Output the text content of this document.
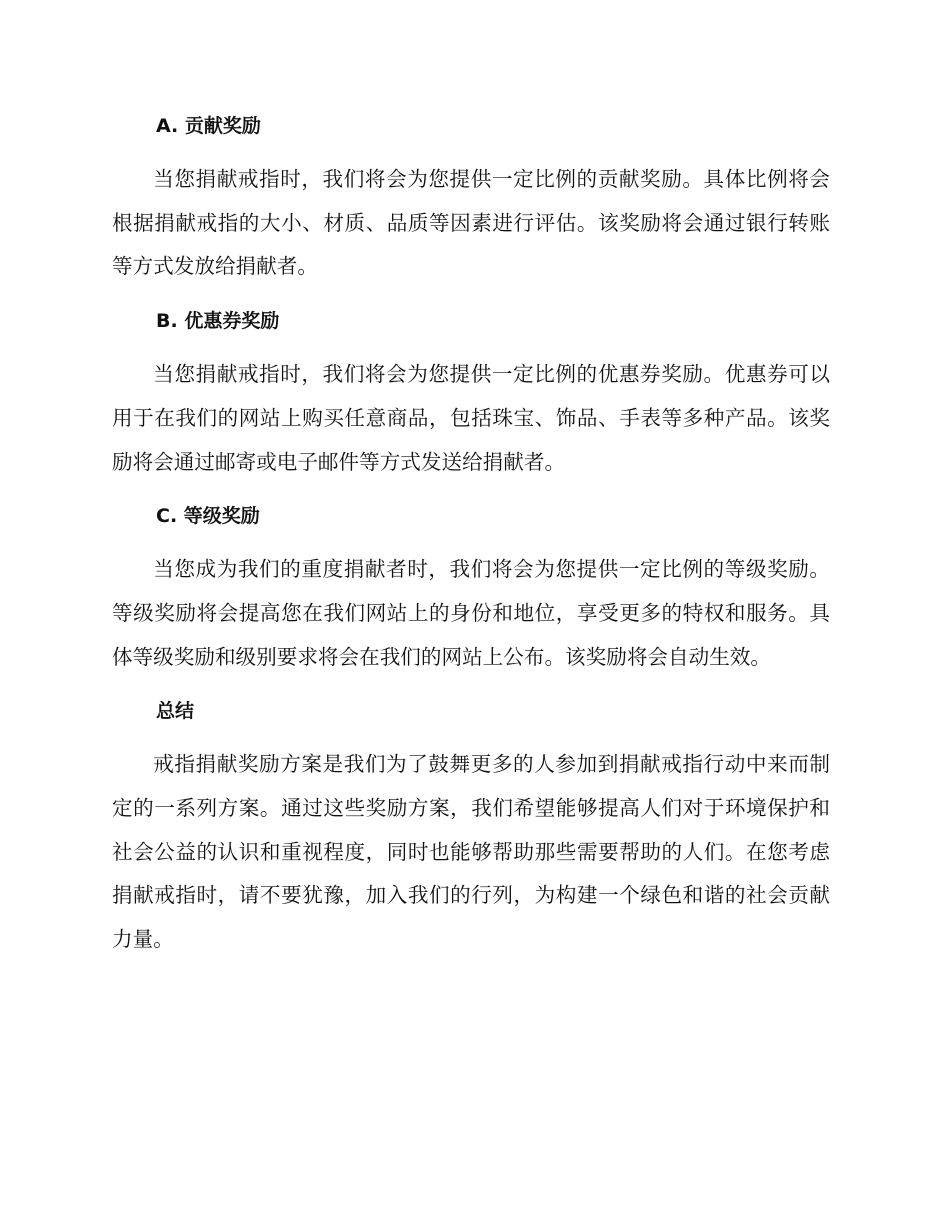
A. 贡献奖励

当您捐献戒指时，我们将会为您提供一定比例的贡献奖励。具体比例将会根据捐献戒指的大小、材质、品质等因素进行评估。该奖励将会通过银行转账等方式发放给捐献者。

B. 优惠券奖励

当您捐献戒指时，我们将会为您提供一定比例的优惠券奖励。优惠券可以用于在我们的网站上购买任意商品，包括珠宝、饰品、手表等多种产品。该奖励将会通过邮寄或电子邮件等方式发送给捐献者。

C. 等级奖励

当您成为我们的重度捐献者时，我们将会为您提供一定比例的等级奖励。等级奖励将会提高您在我们网站上的身份和地位，享受更多的特权和服务。具体等级奖励和级别要求将会在我们的网站上公布。该奖励将会自动生效。

总结

戒指捐献奖励方案是我们为了鼓舞更多的人参加到捐献戒指行动中来而制定的一系列方案。通过这些奖励方案，我们希望能够提高人们对于环境保护和社会公益的认识和重视程度，同时也能够帮助那些需要帮助的人们。在您考虑捐献戒指时，请不要犹豫，加入我们的行列，为构建一个绿色和谐的社会贡献力量。
